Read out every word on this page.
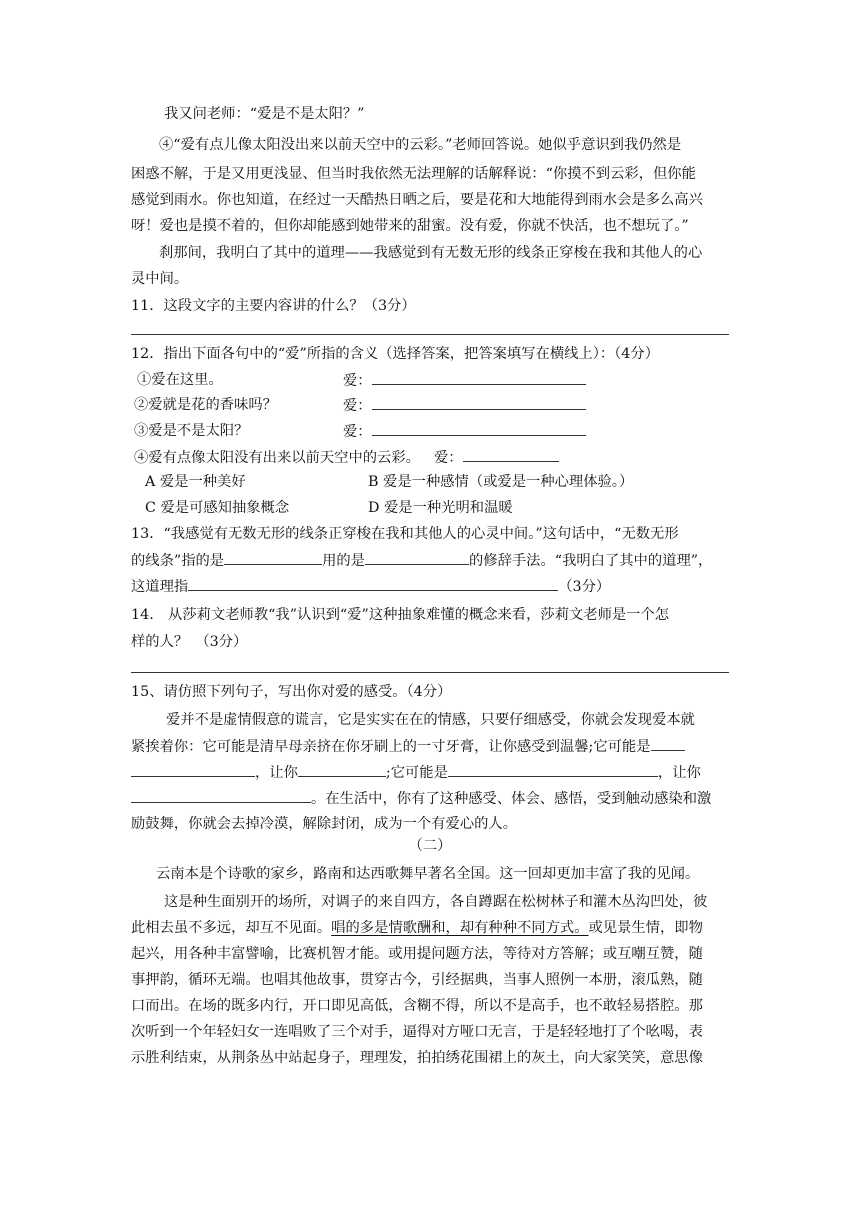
我又问老师：“爱是不是太阳？”
④“爱有点儿像太阳没出来以前天空中的云彩。”老师回答说。她似乎意识到我仍然是
困惑不解，于是又用更浅显、但当时我依然无法理解的话解释说：“你摸不到云彩，但你能
感觉到雨水。你也知道，在经过一天酷热日晒之后，要是花和大地能得到雨水会是多么高兴
呀！爱也是摸不着的，但你却能感到她带来的甜蜜。没有爱，你就不快活，也不想玩了。”
刹那间，我明白了其中的道理——我感觉到有无数无形的线条正穿梭在我和其他人的心
灵中间。
11．这段文字的主要内容讲的什么？（3分）
12．指出下面各句中的“爱”所指的含义（选择答案，把答案填写在横线上）：（4分）
①爱在这里。	爱：
②爱就是花的香味吗？	爱：
③爱是不是太阳？	爱：
④爱有点像太阳没有出来以前天空中的云彩。 爱：
A 爱是一种美好	B 爱是一种感情（或爱是一种心理体验。）
C 爱是可感知抽象概念	D 爱是一种光明和温暖
13．“我感觉有无数无形的线条正穿梭在我和其他人的心灵中间。”这句话中，“无数无形
的线条”指的是	用的是	的修辞手法。“我明白了其中的道理”，
这道理指	（3分）
14.　从莎莉文老师教“我”认识到“爱”这种抽象难懂的概念来看，莎莉文老师是一个怎
样的人？　（3分）
15、请仿照下列句子，写出你对爱的感受。（4分）
爱并不是虚情假意的谎言，它是实实在在的情感，只要仔细感受，你就会发现爱本就
紧挨着你：它可能是清早母亲挤在你牙刷上的一寸牙膏，让你感受到温馨;它可能是
，让你	;它可能是	，让你
。在生活中，你有了这种感受、体会、感悟，受到触动感染和激
励鼓舞，你就会去掉冷漠，解除封闭，成为一个有爱心的人。
（二）
云南本是个诗歌的家乡，路南和达西歌舞早著名全国。这一回却更加丰富了我的见闻。
这是种生面别开的场所，对调子的来自四方，各自蹲踞在松树林子和灌木丛沟凹处，彼
此相去虽不多远，却互不见面。唱的多是情歌酬和，却有种种不同方式。或见景生情，即物
起兴，用各种丰富譬喻，比赛机智才能。或用提问题方法，等待对方答解；或互嘲互赞，随
事押韵，循环无端。也唱其他故事，贯穿古今，引经据典，当事人照例一本册，滚瓜熟，随
口而出。在场的既多内行，开口即见高低，含糊不得，所以不是高手，也不敢轻易搭腔。那
次听到一个年轻妇女一连唱败了三个对手，逼得对方哑口无言，于是轻轻地打了个吆喝，表
示胜利结束，从荆条丛中站起身子，理理发，拍拍绣花围裙上的灰土，向大家笑笑，意思像
